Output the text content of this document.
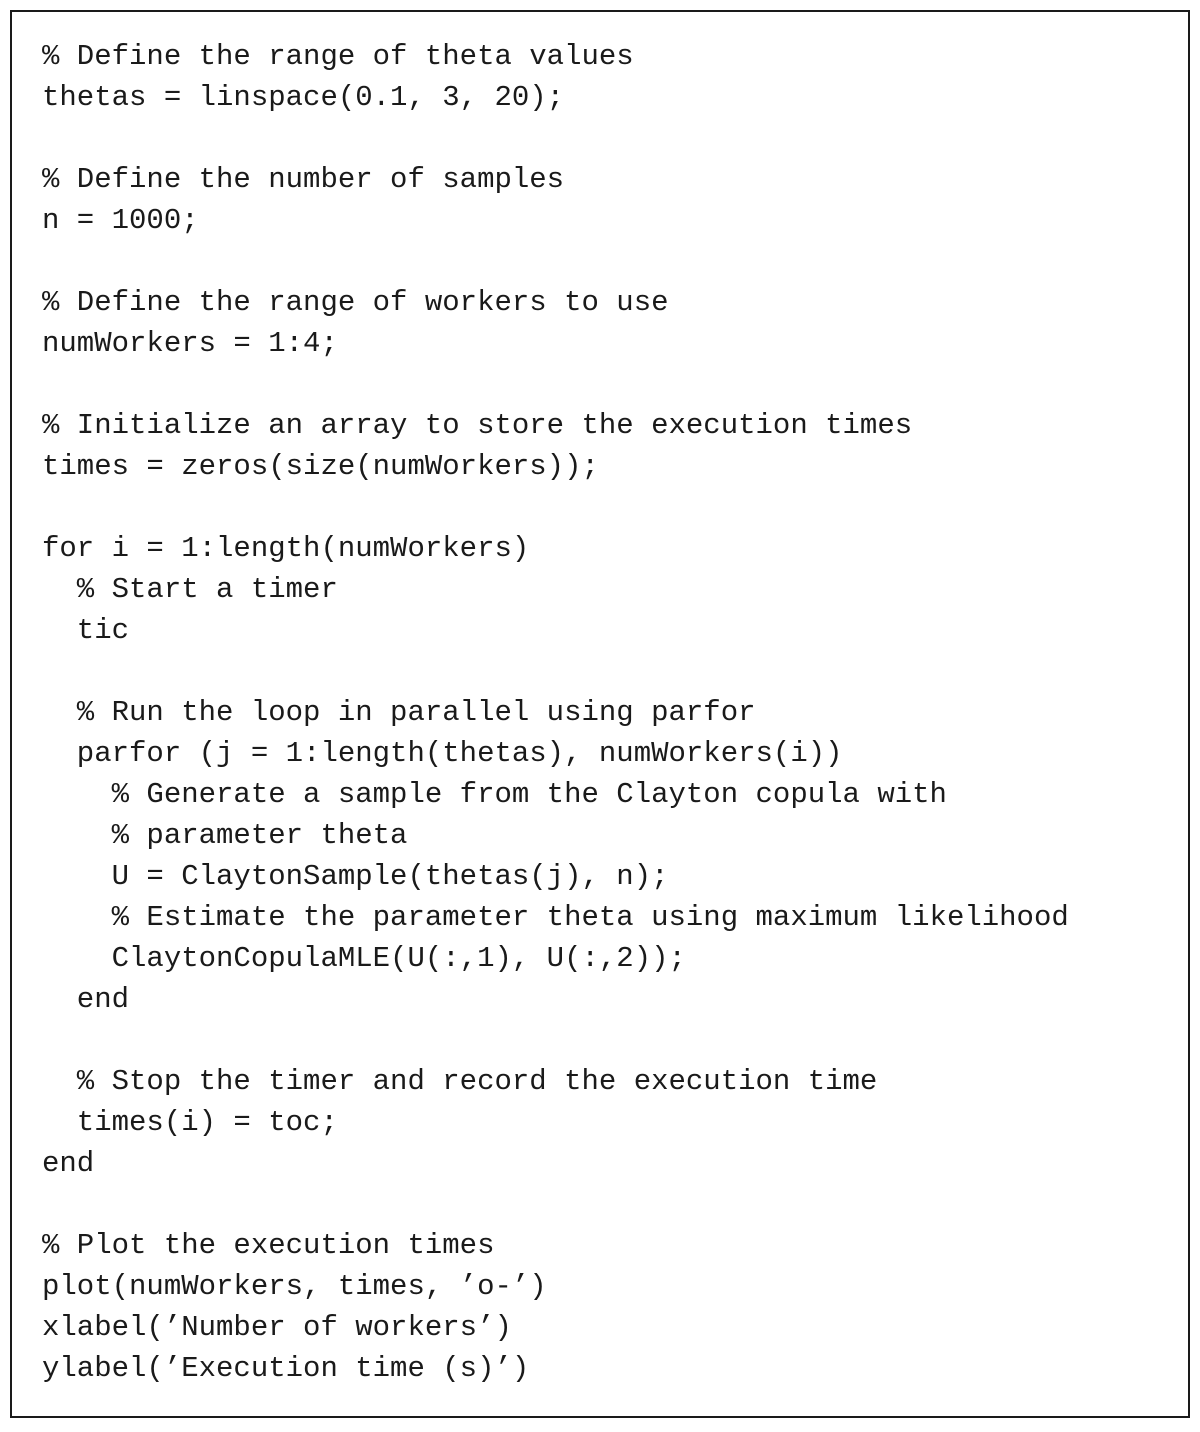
% Define the range of theta values
thetas = linspace(0.1, 3, 20);
% Define the number of samples
n = 1000;
% Define the range of workers to use
numWorkers = 1:4;
% Initialize an array to store the execution times
times = zeros(size(numWorkers));
for i = 1:length(numWorkers)
% Start a timer
tic
% Run the loop in parallel using parfor
parfor (j = 1:length(thetas), numWorkers(i))
% Generate a sample from the Clayton copula with
% parameter theta
U = ClaytonSample(thetas(j), n);
% Estimate the parameter theta using maximum likelihood
ClaytonCopulaMLE(U(:,1), U(:,2));
end
% Stop the timer and record the execution time
times(i) = toc;
end
% Plot the execution times
plot(numWorkers, times, ’o-’)
xlabel(’Number of workers’)
ylabel(’Execution time (s)’)
